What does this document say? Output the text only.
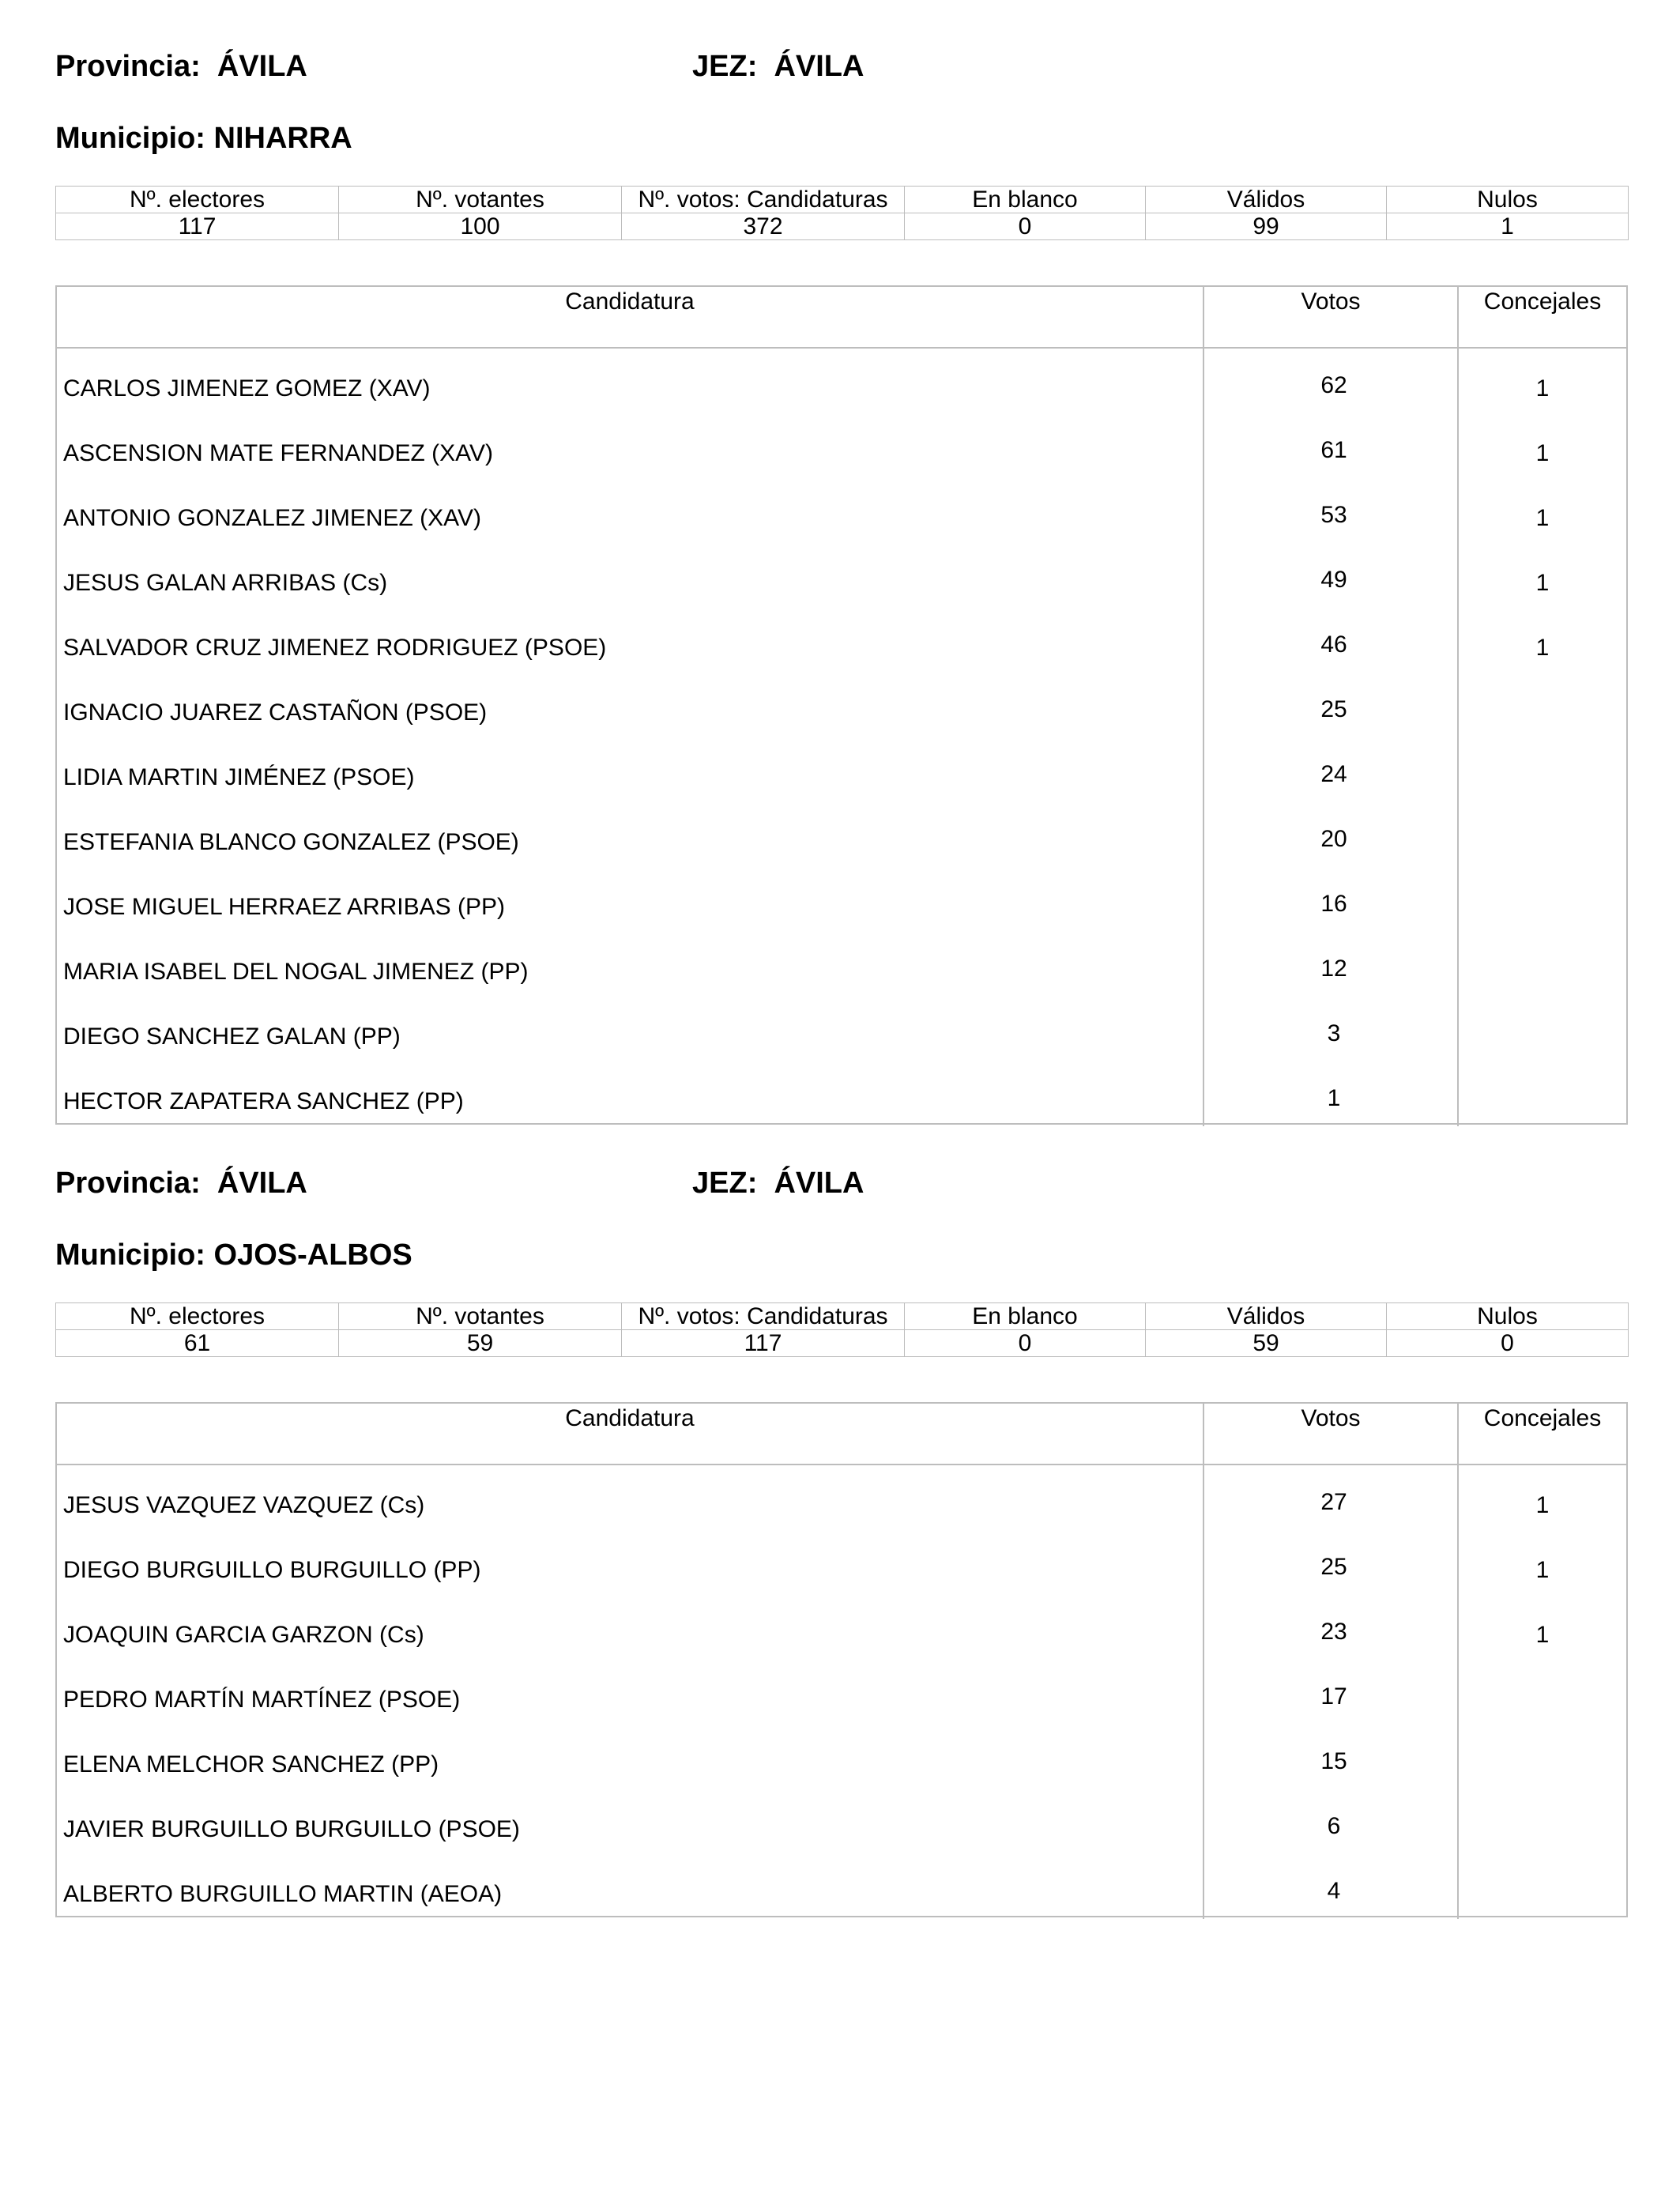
Provincia:  ÁVILA	JEZ:  ÁVILA
Municipio: NIHARRA
Nº. electores	Nº. votantes	Nº. votos: Candidaturas	En blanco	Válidos	Nulos
117	100	372	0	99	1
Candidatura	Votos	Concejales
CARLOS JIMENEZ GOMEZ (XAV)	62	1
ASCENSION MATE FERNANDEZ (XAV)	61	1
ANTONIO GONZALEZ JIMENEZ (XAV)	53	1
JESUS GALAN ARRIBAS (Cs)	49	1
SALVADOR CRUZ JIMENEZ RODRIGUEZ (PSOE)	46	1
IGNACIO JUAREZ CASTAÑON (PSOE)	25
LIDIA MARTIN JIMÉNEZ (PSOE)	24
ESTEFANIA BLANCO GONZALEZ (PSOE)	20
JOSE MIGUEL HERRAEZ ARRIBAS (PP)	16
MARIA ISABEL DEL NOGAL JIMENEZ (PP)	12
DIEGO SANCHEZ GALAN (PP)	3
HECTOR ZAPATERA SANCHEZ (PP)	1
Provincia:  ÁVILA	JEZ:  ÁVILA
Municipio: OJOS-ALBOS
Nº. electores	Nº. votantes	Nº. votos: Candidaturas	En blanco	Válidos	Nulos
61	59	117	0	59	0
Candidatura	Votos	Concejales
JESUS VAZQUEZ VAZQUEZ (Cs)	27	1
DIEGO BURGUILLO BURGUILLO (PP)	25	1
JOAQUIN GARCIA GARZON (Cs)	23	1
PEDRO MARTÍN MARTÍNEZ (PSOE)	17
ELENA MELCHOR SANCHEZ (PP)	15
JAVIER BURGUILLO BURGUILLO (PSOE)	6
ALBERTO BURGUILLO MARTIN (AEOA)	4
